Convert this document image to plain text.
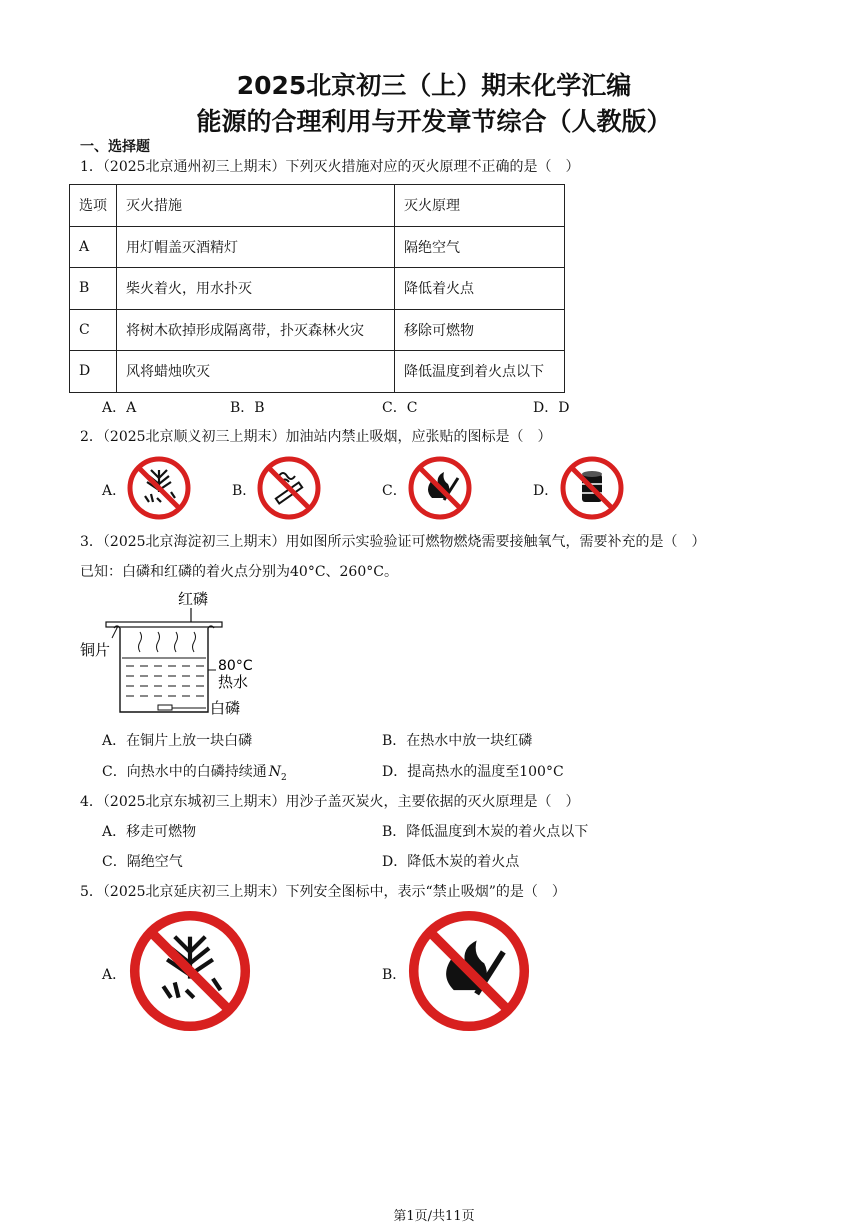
2025北京初三（上）期末化学汇编
能源的合理利用与开发章节综合（人教版）
一、选择题
1．（2025北京通州初三上期末）下列灭火措施对应的灭火原理不正确的是（　）
选项	灭火措施	灭火原理
A	用灯帽盖灭酒精灯	隔绝空气
B	柴火着火，用水扑灭	降低着火点
C	将树木砍掉形成隔离带，扑灭森林火灾	移除可燃物
D	风将蜡烛吹灭	降低温度到着火点以下
A．A	B．B	C．C	D．D
2．（2025北京顺义初三上期末）加油站内禁止吸烟，应张贴的图标是（　）
A．	B．	C．	D．
3．（2025北京海淀初三上期末）用如图所示实验验证可燃物燃烧需要接触氧气，需要补充的是（　）
已知：白磷和红磷的着火点分别为40°C、260°C。
红磷
铜片
80°C
热水
白磷
A．在铜片上放一块白磷	B．在热水中放一块红磷
C．向热水中的白磷持续通 $N_2$	D．提高热水的温度至100°C
4．（2025北京东城初三上期末）用沙子盖灭炭火，主要依据的灭火原理是（　）
A．移走可燃物	B．降低温度到木炭的着火点以下
C．隔绝空气	D．降低木炭的着火点
5．（2025北京延庆初三上期末）下列安全图标中，表示“禁止吸烟”的是（　）
A．	B．
第1页/共11页
